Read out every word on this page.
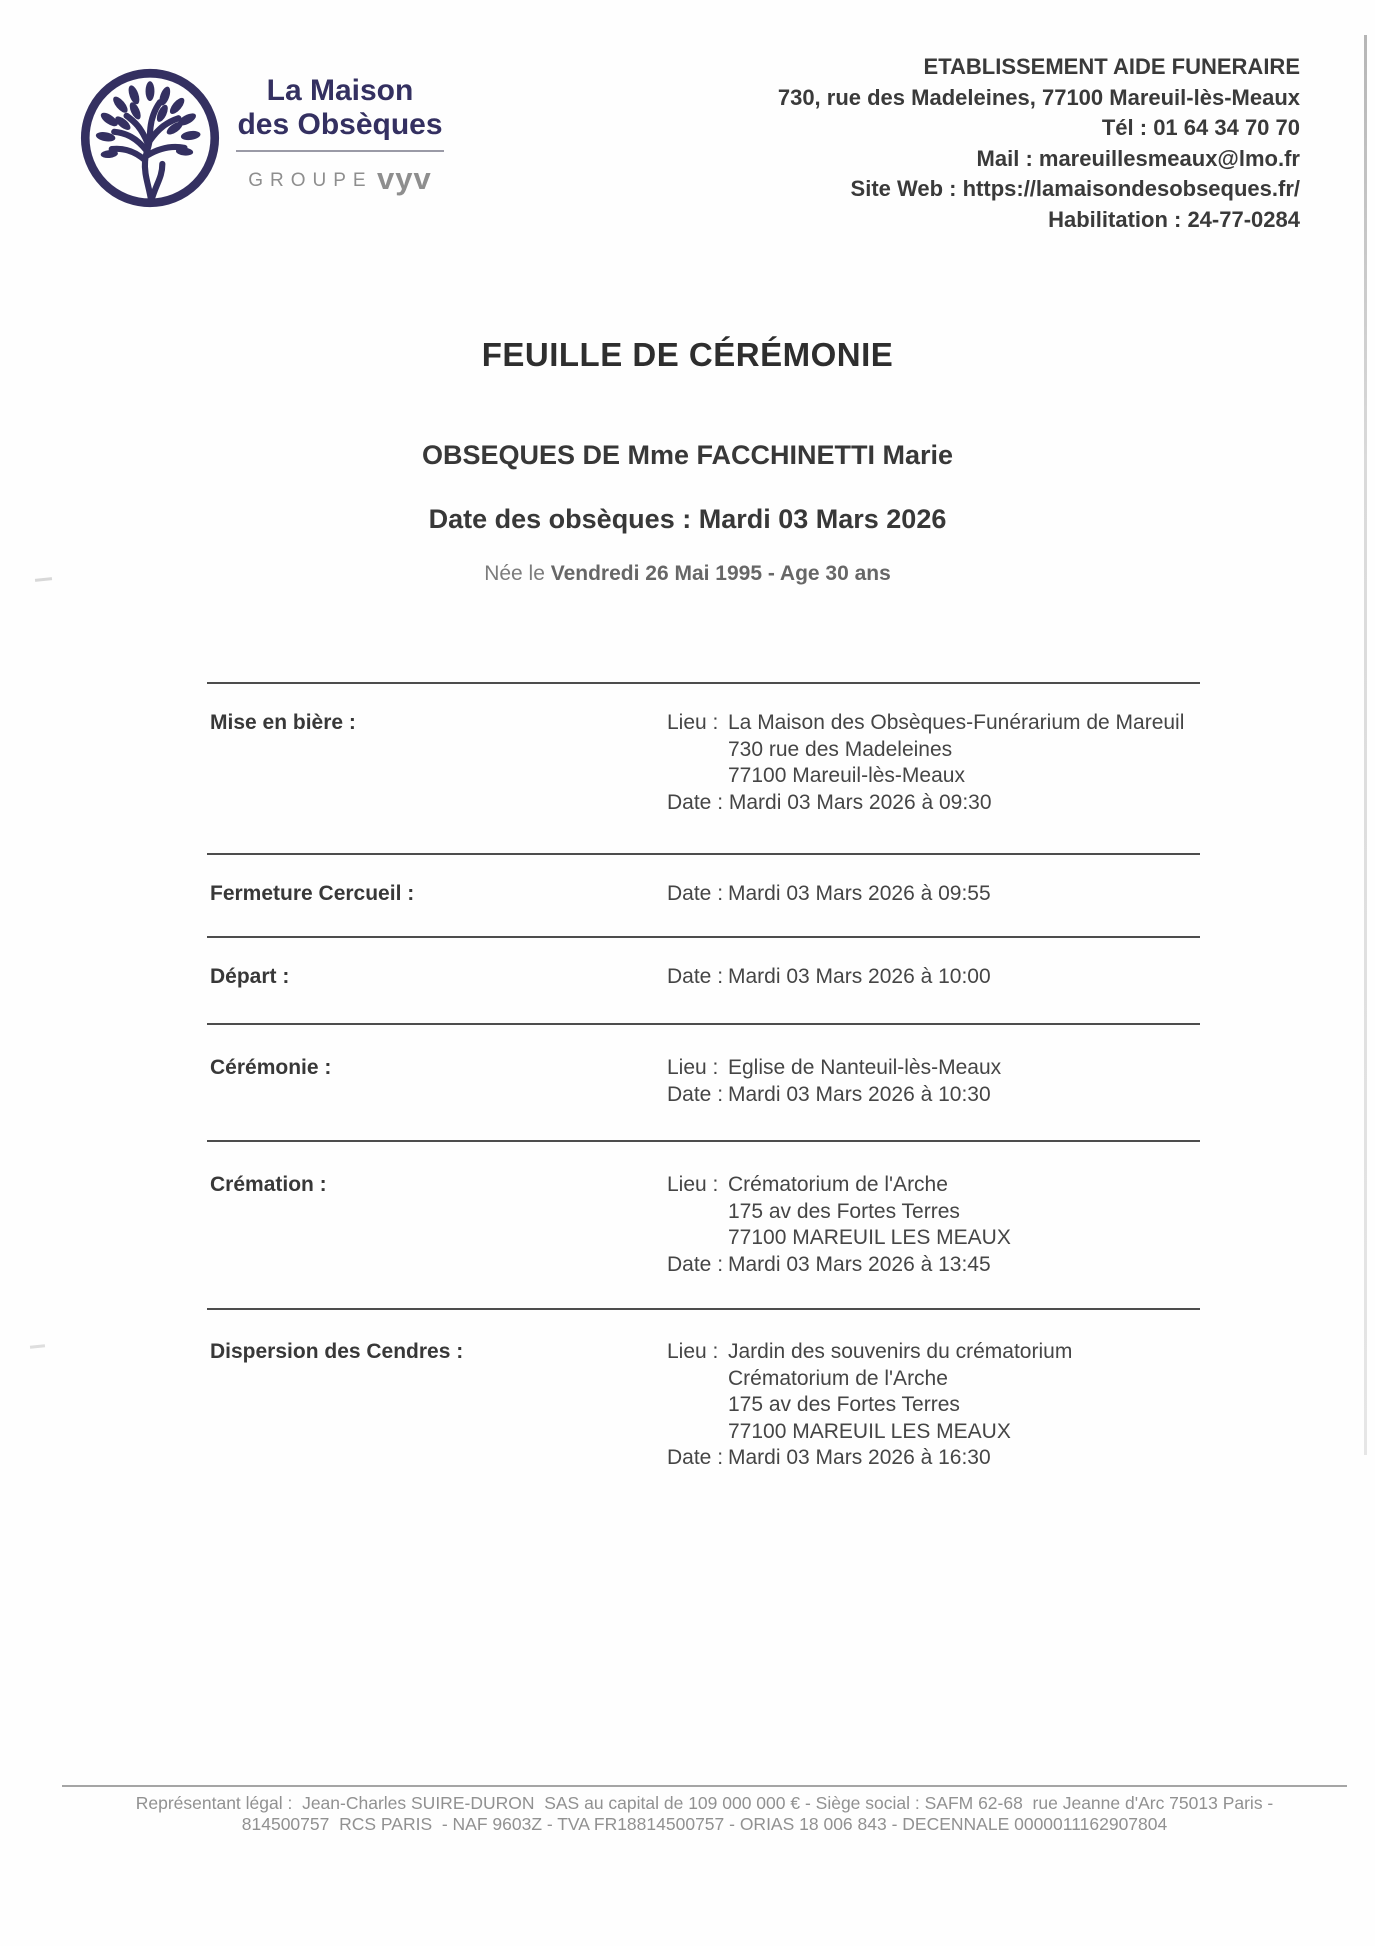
La Maison
des Obsèques
GROUPE vyv
ETABLISSEMENT AIDE FUNERAIRE
730, rue des Madeleines, 77100 Mareuil-lès-Meaux
Tél : 01 64 34 70 70
Mail : mareuillesmeaux@lmo.fr
Site Web : https://lamaisondesobseques.fr/
Habilitation : 24-77-0284
FEUILLE DE CÉRÉMONIE
OBSEQUES DE Mme FACCHINETTI Marie
Date des obsèques : Mardi 03 Mars 2026
Née le Vendredi 26 Mai 1995 - Age 30 ans
Mise en bière :	Lieu : La Maison des Obsèques-Funérarium de Mareuil
730 rue des Madeleines
77100 Mareuil-lès-Meaux
Date : Mardi 03 Mars 2026 à 09:30
Fermeture Cercueil :	Date : Mardi 03 Mars 2026 à 09:55
Départ :	Date : Mardi 03 Mars 2026 à 10:00
Cérémonie :	Lieu : Eglise de Nanteuil-lès-Meaux
Date : Mardi 03 Mars 2026 à 10:30
Crémation :	Lieu : Crématorium de l'Arche
175 av des Fortes Terres
77100 MAREUIL LES MEAUX
Date : Mardi 03 Mars 2026 à 13:45
Dispersion des Cendres :	Lieu : Jardin des souvenirs du crématorium
Crématorium de l'Arche
175 av des Fortes Terres
77100 MAREUIL LES MEAUX
Date : Mardi 03 Mars 2026 à 16:30
Représentant légal :  Jean-Charles SUIRE-DURON  SAS au capital de 109 000 000 € - Siège social : SAFM 62-68  rue Jeanne d'Arc 75013 Paris -
814500757  RCS PARIS  - NAF 9603Z - TVA FR18814500757 - ORIAS 18 006 843 - DECENNALE 0000011162907804
